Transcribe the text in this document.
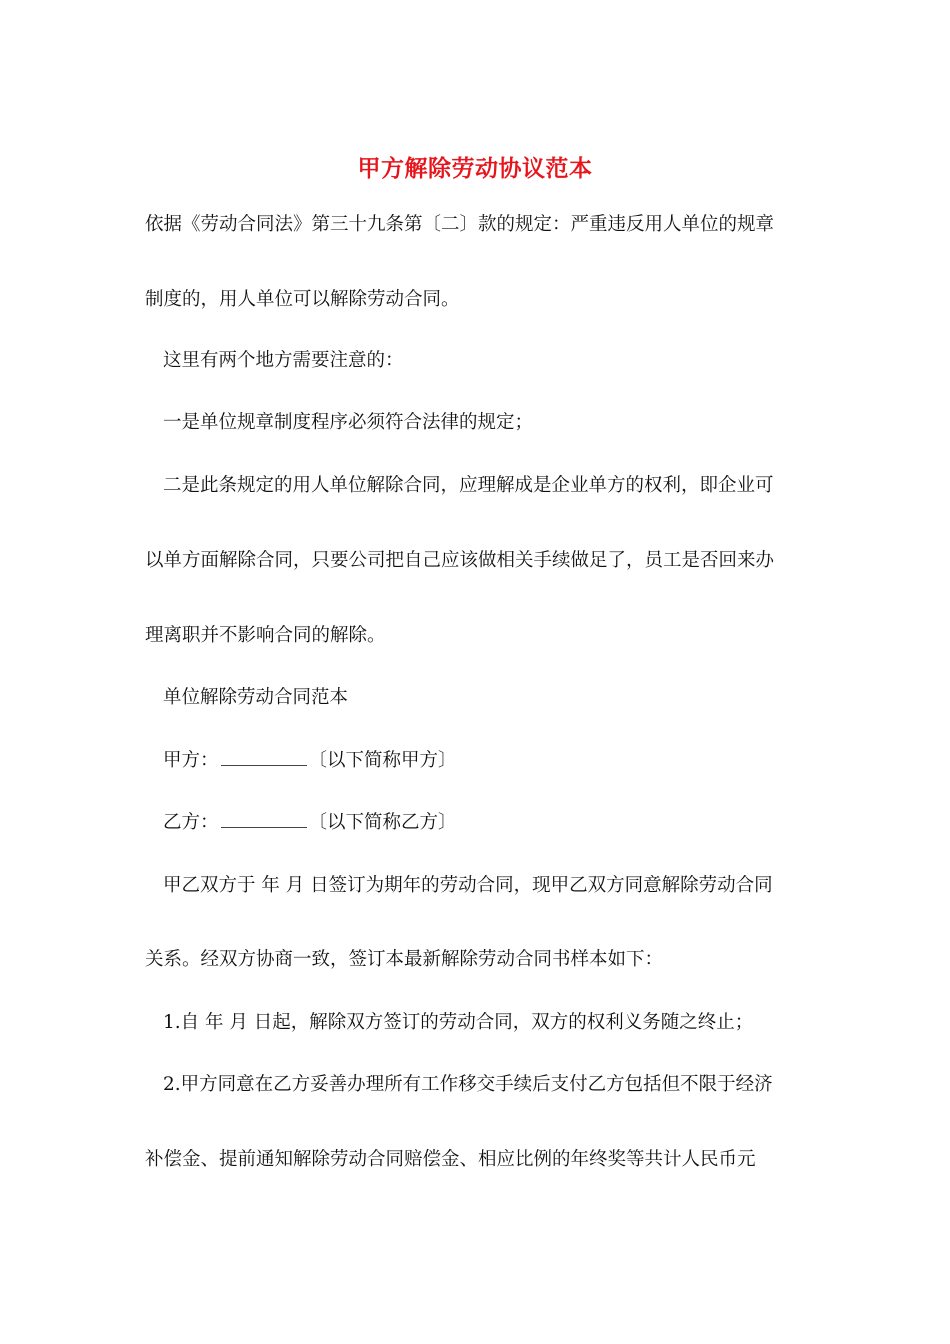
甲方解除劳动协议范本
依据《劳动合同法》第三十九条第〔二〕款的规定：严重违反用人单位的规章
制度的，用人单位可以解除劳动合同。
这里有两个地方需要注意的：
一是单位规章制度程序必须符合法律的规定；
二是此条规定的用人单位解除合同，应理解成是企业单方的权利，即企业可
以单方面解除合同，只要公司把自己应该做相关手续做足了，员工是否回来办
理离职并不影响合同的解除。
单位解除劳动合同范本
甲方：	〔以下简称甲方〕
乙方：	〔以下简称乙方〕
甲乙双方于 年 月 日签订为期年的劳动合同，现甲乙双方同意解除劳动合同
关系。经双方协商一致，签订本最新解除劳动合同书样本如下：
1.自 年 月 日起，解除双方签订的劳动合同，双方的权利义务随之终止；
2.甲方同意在乙方妥善办理所有工作移交手续后支付乙方包括但不限于经济
补偿金、提前通知解除劳动合同赔偿金、相应比例的年终奖等共计人民币元
